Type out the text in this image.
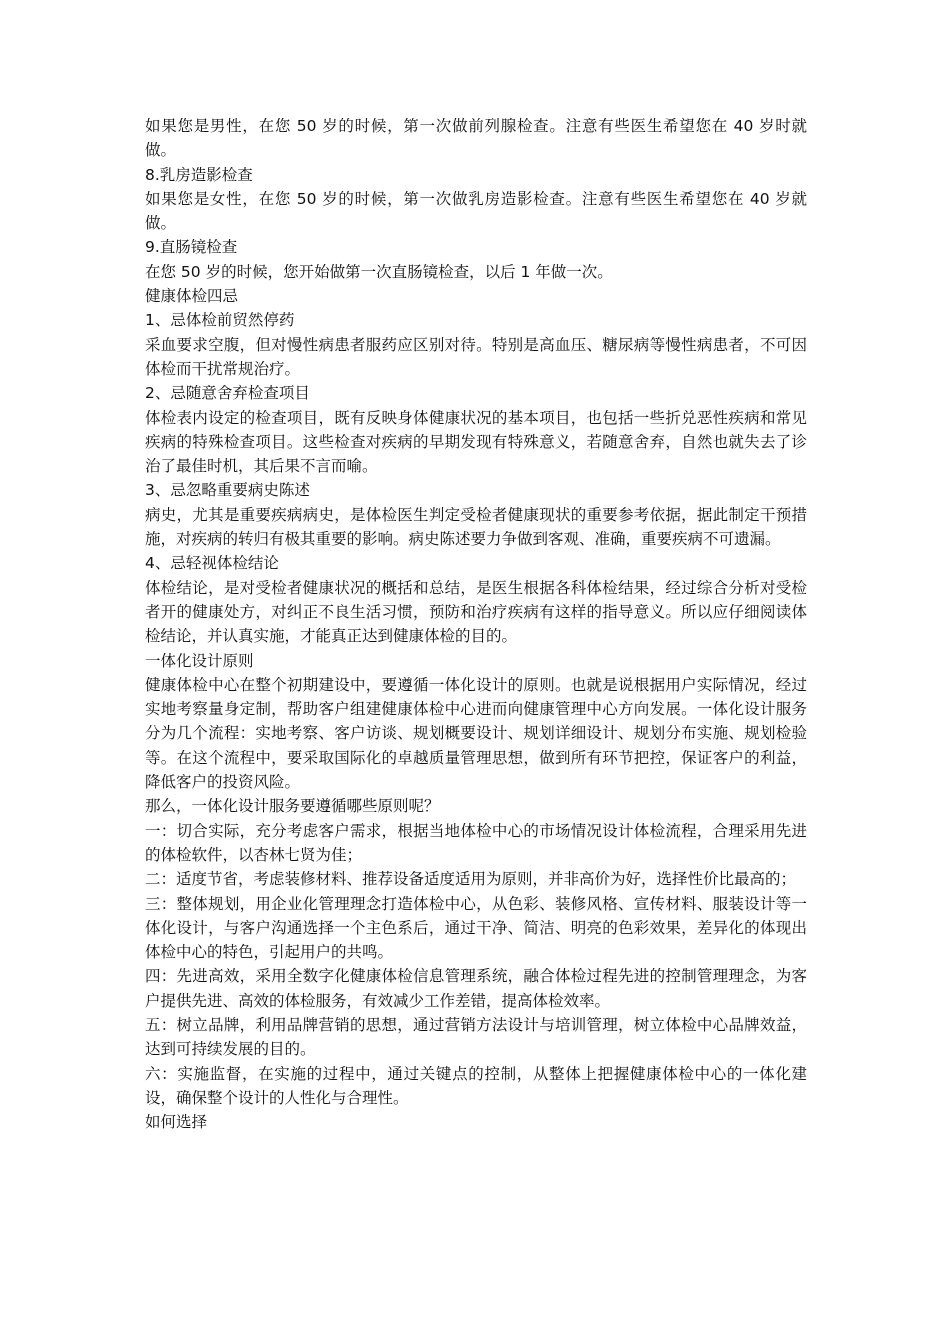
如果您是男性，在您 50 岁的时候，第一次做前列腺检查。注意有些医生希望您在 40 岁时就做。

8.乳房造影检查

如果您是女性，在您 50 岁的时候，第一次做乳房造影检查。注意有些医生希望您在 40 岁就做。

9.直肠镜检查

在您 50 岁的时候，您开始做第一次直肠镜检查，以后 1 年做一次。

健康体检四忌

1、忌体检前贸然停药

采血要求空腹，但对慢性病患者服药应区别对待。特别是高血压、糖尿病等慢性病患者，不可因体检而干扰常规治疗。

2、忌随意舍弃检查项目

体检表内设定的检查项目，既有反映身体健康状况的基本项目，也包括一些折兑恶性疾病和常见疾病的特殊检查项目。这些检查对疾病的早期发现有特殊意义，若随意舍弃，自然也就失去了诊治了最佳时机，其后果不言而喻。

3、忌忽略重要病史陈述

病史，尤其是重要疾病病史，是体检医生判定受检者健康现状的重要参考依据，据此制定干预措施，对疾病的转归有极其重要的影响。病史陈述要力争做到客观、准确，重要疾病不可遗漏。

4、忌轻视体检结论

体检结论，是对受检者健康状况的概括和总结，是医生根据各科体检结果，经过综合分析对受检者开的健康处方，对纠正不良生活习惯，预防和治疗疾病有这样的指导意义。所以应仔细阅读体检结论，并认真实施，才能真正达到健康体检的目的。

一体化设计原则

健康体检中心在整个初期建设中，要遵循一体化设计的原则。也就是说根据用户实际情况，经过实地考察量身定制，帮助客户组建健康体检中心进而向健康管理中心方向发展。一体化设计服务分为几个流程：实地考察、客户访谈、规划概要设计、规划详细设计、规划分布实施、规划检验等。在这个流程中，要采取国际化的卓越质量管理思想，做到所有环节把控，保证客户的利益，降低客户的投资风险。

那么，一体化设计服务要遵循哪些原则呢？

一：切合实际，充分考虑客户需求，根据当地体检中心的市场情况设计体检流程，合理采用先进的体检软件，以杏林七贤为佳；

二：适度节省，考虑装修材料、推荐设备适度适用为原则，并非高价为好，选择性价比最高的；

三：整体规划，用企业化管理理念打造体检中心，从色彩、装修风格、宣传材料、服装设计等一体化设计，与客户沟通选择一个主色系后，通过干净、简洁、明亮的色彩效果，差异化的体现出体检中心的特色，引起用户的共鸣。

四：先进高效，采用全数字化健康体检信息管理系统，融合体检过程先进的控制管理理念，为客户提供先进、高效的体检服务，有效减少工作差错，提高体检效率。

五：树立品牌，利用品牌营销的思想，通过营销方法设计与培训管理，树立体检中心品牌效益，达到可持续发展的目的。

六：实施监督，在实施的过程中，通过关键点的控制，从整体上把握健康体检中心的一体化建设，确保整个设计的人性化与合理性。

如何选择
